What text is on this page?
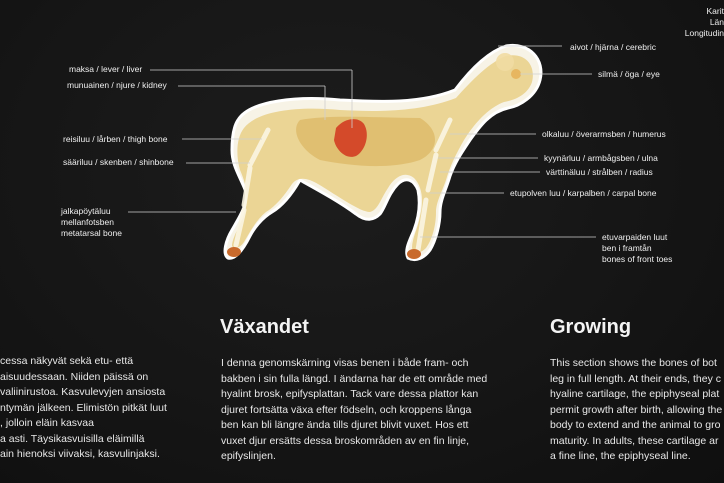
Karit
Län
Longitudin
maksa / lever / liver
munuainen / njure / kidney
reisiluu / lårben / thigh bone
sääriluu / skenben / shinbone
jalkapöytäluu
mellanfotsben
metatarsal bone
aivot / hjärna / cerebric
silmä / öga / eye
olkaluu / överarmsben / humerus
kyynärluu / armbågsben / ulna
värttinäluu / strålben / radius
etupolven luu / karpalben / carpal bone
etuvarpaiden luut
ben i framtån
bones of front toes
cessa näkyvät sekä etu- että
aisuudessaan. Niiden päissä on
valiinirustoa. Kasvulevyjen ansiosta
ntymän jälkeen. Elimistön pitkät luut
, jolloin eläin kasvaa
a asti. Täysikasvuisilla eläimillä
ain hienoksi viivaksi, kasvulinjaksi.
Växandet
I denna genomskärning visas benen i både fram- och
bakben i sin fulla längd. I ändarna har de ett område med
hyalint brosk, epifysplattan. Tack vare dessa plattor kan
djuret fortsätta växa efter födseln, och kroppens långa
ben kan bli längre ända tills djuret blivit vuxet. Hos ett
vuxet djur ersätts dessa broskområden av en fin linje,
epifyslinjen.
Growing
This section shows the bones of bot
leg in full length. At their ends, they c
hyaline cartilage, the epiphyseal plat
permit growth after birth, allowing the
body to extend and the animal to gro
maturity. In adults, these cartilage ar
a fine line, the epiphyseal line.
